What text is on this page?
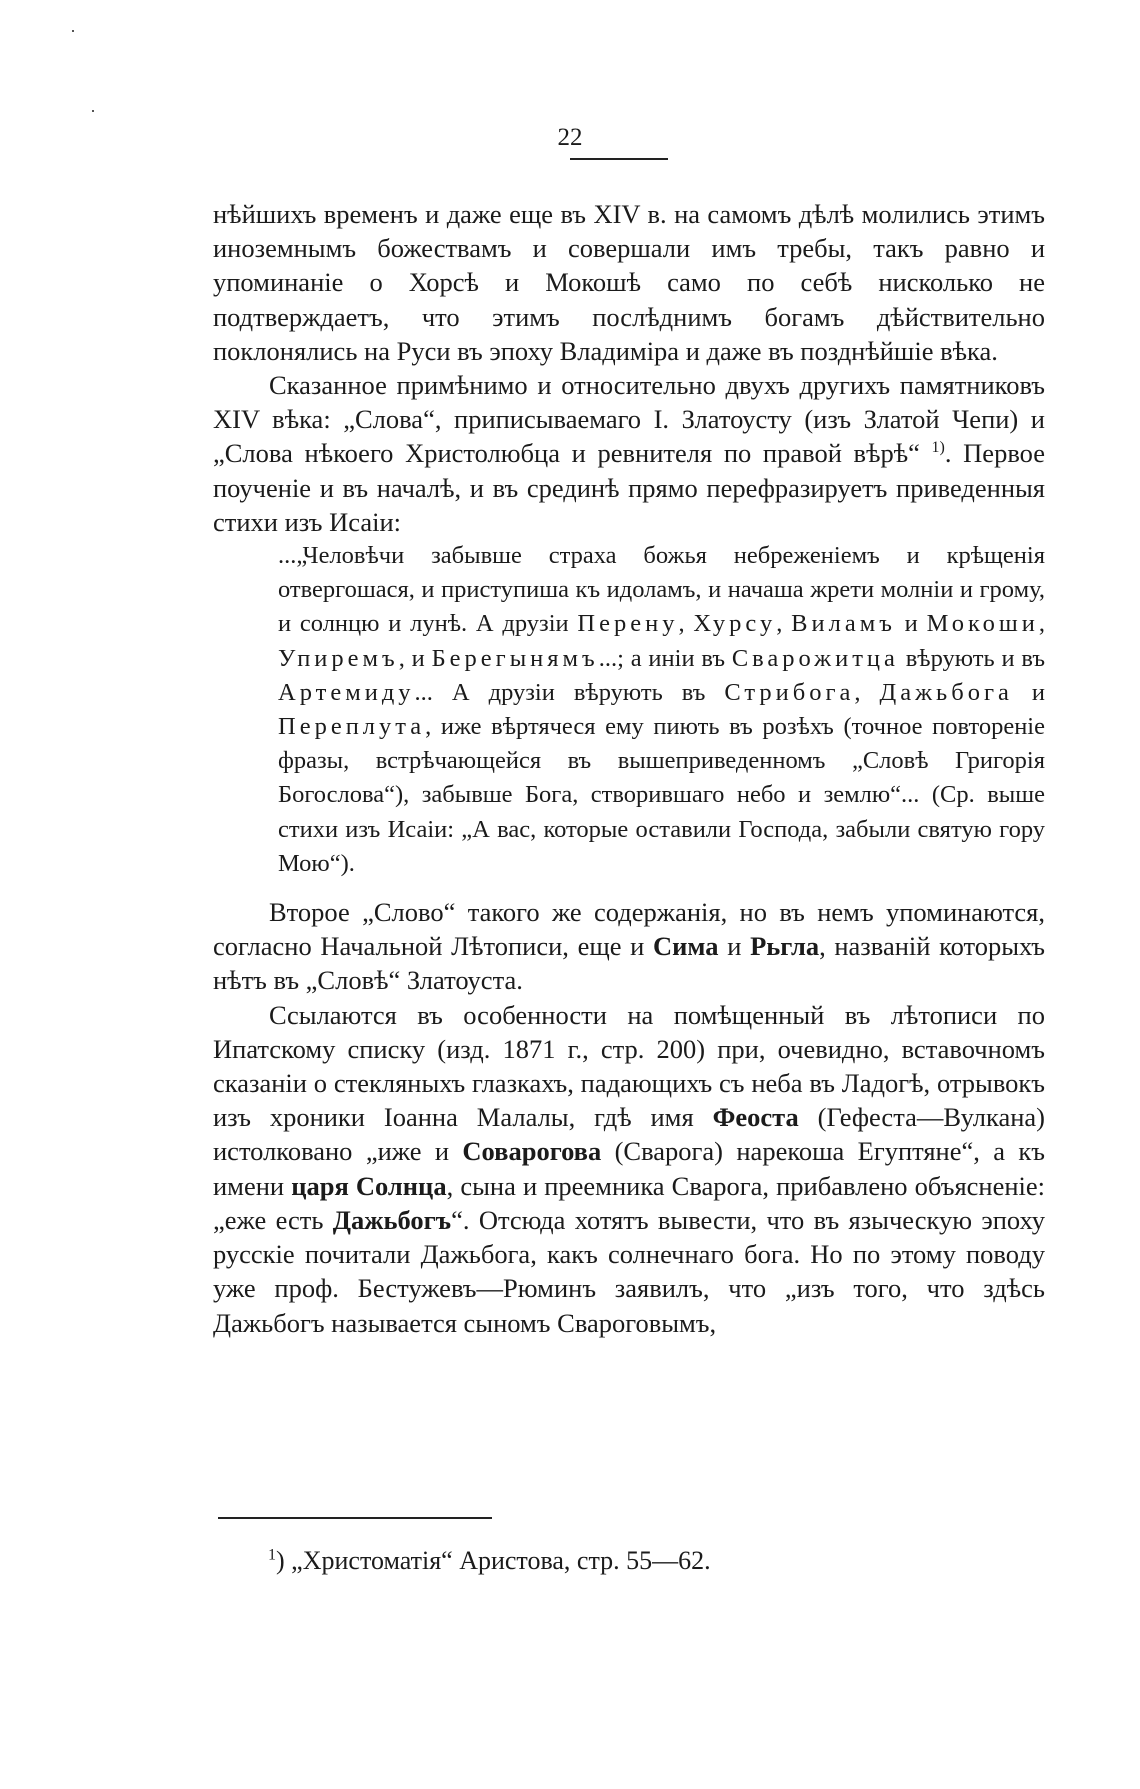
22

нѣйшихъ временъ и даже еще въ XIV в. на самомъ дѣлѣ молились этимъ иноземнымъ божествамъ и совершали имъ требы, такъ равно и упоминаніе о Хорсѣ и Мокошѣ само по себѣ нисколько не подтверждаетъ, что этимъ послѣднимъ богамъ дѣйствительно поклонялись на Руси въ эпоху Владиміра и даже въ позднѣйшіе вѣка.

Сказанное примѣнимо и относительно двухъ другихъ памятниковъ XIV вѣка: „Слова“, приписываемаго І. Златоусту (изъ Златой Чепи) и „Слова нѣкоего Христолюбца и ревнителя по правой вѣрѣ“ $^{1)}$. Первое поученіе и въ началѣ, и въ срединѣ прямо перефразируетъ приведенныя стихи изъ Исаіи:

...„Человѣчи забывше страха божья небреженіемъ и крѣщенія отвергошася, и приступиша къ идоламъ, и начаша жрети молніи и грому, и солнцю и лунѣ. А друзіи Перену, Хурсу, Виламъ и Мокоши, Упиремъ, и Берегынямъ...; а иніи въ Сварожитца вѣрують и въ Артемиду... А друзіи вѣрують въ Стрибога, Дажьбога и Переплута, иже вѣртячеся ему пиють въ розѣхъ (точное повтореніе фразы, встрѣчающейся въ вышеприведенномъ „Словѣ Григорія Богослова“), забывше Бога, створившаго небо и землю“... (Ср. выше стихи изъ Исаіи: „А вас, которые оставили Господа, забыли святую гору Мою“).

Второе „Слово“ такого же содержанія, но въ немъ упоминаются, согласно Начальной Лѣтописи, еще и Сима и Рьгла, названій которыхъ нѣтъ въ „Словѣ“ Златоуста.

Ссылаются въ особенности на помѣщенный въ лѣтописи по Ипатскому списку (изд. 1871 г., стр. 200) при, очевидно, вставочномъ сказаніи о стекляныхъ глазкахъ, падающихъ съ неба въ Ладогѣ, отрывокъ изъ хроники Іоанна Малалы, гдѣ имя Феоста (Гефеста—Вулкана) истолковано „иже и Совароговa (Сварога) нарекоша Егуптяне“, а къ имени царя Солнца, сына и преемника Сварога, прибавлено объясненіе: „еже есть Дажьбогъ“. Отсюда хотятъ вывести, что въ языческую эпоху русскіе почитали Дажьбога, какъ солнечнаго бога. Но по этому поводу уже проф. Бестужевъ—Рюминъ заявилъ, что „изъ того, что здѣсь Дажьбогъ называется сыномъ Свароговымъ,

$^1$) „Христоматія“ Аристова, стр. 55—62.
